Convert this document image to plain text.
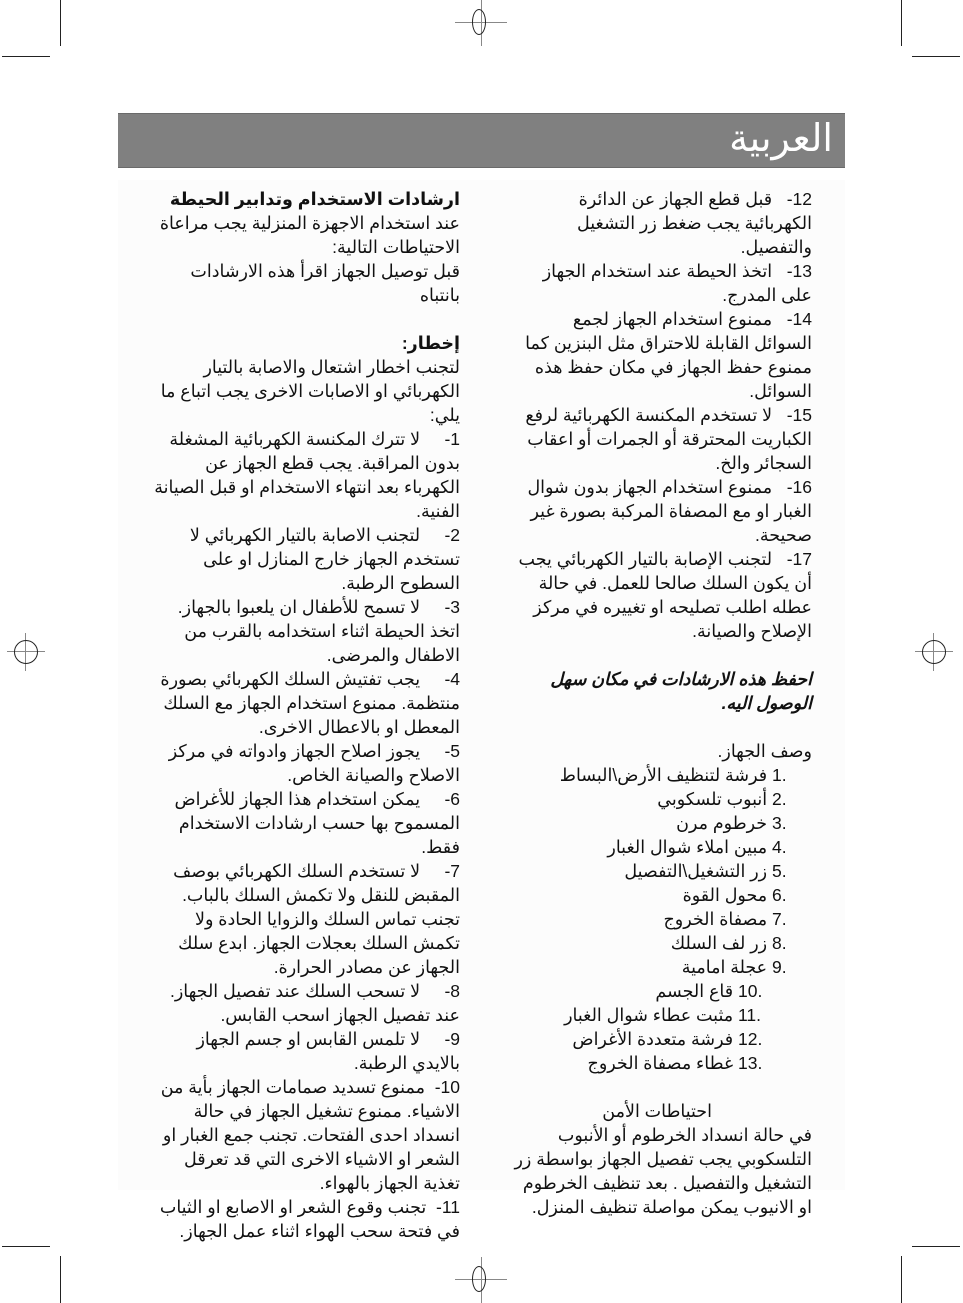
العربية

12-   قبل قطع الجهاز عن الدائرة الكهربائية يجب ضغط زر التشغيل والتفصيل.

13-   اتخذ الحيطة عند استخدام الجهاز على المدرج.

14-   ممنوع استخدام الجهاز لجمع السوائل القابلة للاحتراق مثل البنزين كما ممنوع حفظ الجهاز في مكان حفظ هذه السوائل.

15-   لا تستخدم المكنسة الكهربائية لرفع الكباريت المحترقة أو الجمرات أو اعقاب السجائر والخ.

16-   ممنوع استخدام الجهاز بدون شوال الغبار او مع المصفاة المركبة بصورة غير صحيحة.

17-   لتجنب الإصابة بالتيار الكهربائي يجب أن يكون السلك صالحا للعمل. في حالة عطله اطلب تصليحه او تغييره في مركز الإصلاح والصيانة.

احفظ هذه الارشادات في مكان سهل الوصول اليه.

وصف الجهاز.

1. فرشة لتنظيف الأرض\البساط
2. أنبوب تلسكوبي
3. خرطوم مرن
4. مبين املاء شوال الغبار
5. زر التشغيل\التفصيل
6. محول القوة
7. مصفاة الخروج
8. زر لف السلك
9. عجلة امامية
10. قاع الجسم
11. مثبت عطاء شوال الغبار
12. فرشة متعددة الأغراض
13. غطاء مصفاة الخروج

احتياطات الأمن

في حالة انسداد الخرطوم أو الأنبوب التلسكوبي يجب تفصيل الجهاز بواسطة زر التشغيل والتفصيل . بعد تنظيف الخرطوم او الانيوب يمكن مواصلة تنظيف المنزل.

ارشادات الاستخدام وتدابير الحيطة

عند استخدام الاجهزة المنزلية يجب مراعاة الاحتياطات التالية:

قبل توصيل الجهاز اقرأ هذه الارشادات بانتباه

إخطار:

لتجنب اخطار اشتعال والاصابة بالتيار الكهربائي او الاصابات الاخرى يجب اتباع ما يلي:

1-     لا تترك المكنسة الكهربائية المشغلة بدون المراقبة. يجب قطع الجهاز عن الكهرباء بعد انتهاء الاستخدام او قبل الصيانة الفنية.

2-     لتجنب الاصابة بالتيار الكهربائي لا تستخدم الجهاز خارج المنازل او على السطوح الرطبة.

3-     لا تسمح للأطفال ان يلعبوا بالجهاز. اتخذ الحيطة اثناء استخدامه بالقرب من الاطفال والمرضى.

4-     يجب تفتيش السلك الكهربائي بصورة منتظمة. ممنوع استخدام الجهاز مع السلك المعطل او بالاعطال الاخرى.

5-     يجوز اصلاح الجهاز وادواته في مركز الاصلاح والصيانة الخاص.

6-     يمكن استخدام هذا الجهاز للأغراض المسموح بها حسب ارشادات الاستخدام فقط.

7-     لا تستخدم السلك الكهربائي بوصف المقبض للنقل ولا تكمش السلك بالباب. تجنب تماس السلك والزوايا الحادة ولا تكمش السلك بعجلات الجهاز. ابدع سلك الجهاز عن مصادر الحرارة.

8-     لا تسحب السلك عند تفصيل الجهاز. عند تفصيل الجهاز اسحب القابس.

9-     لا تلمس القابس او جسم الجهاز بالايدي الرطبة.

10-  ممنوع تسديد صمامات الجهاز بأية من الاشياء. ممنوع تشغيل الجهاز في حالة انسداد احدى الفتحات. تجنب جمع الغبار او الشعر او الاشياء الاخرى التي قد تعرقل تغذية الجهاز بالهواء.

11-  تجنب وقوع الشعر او الاصابع او الثياب في فتحة سحب الهواء اثناء عمل الجهاز.
